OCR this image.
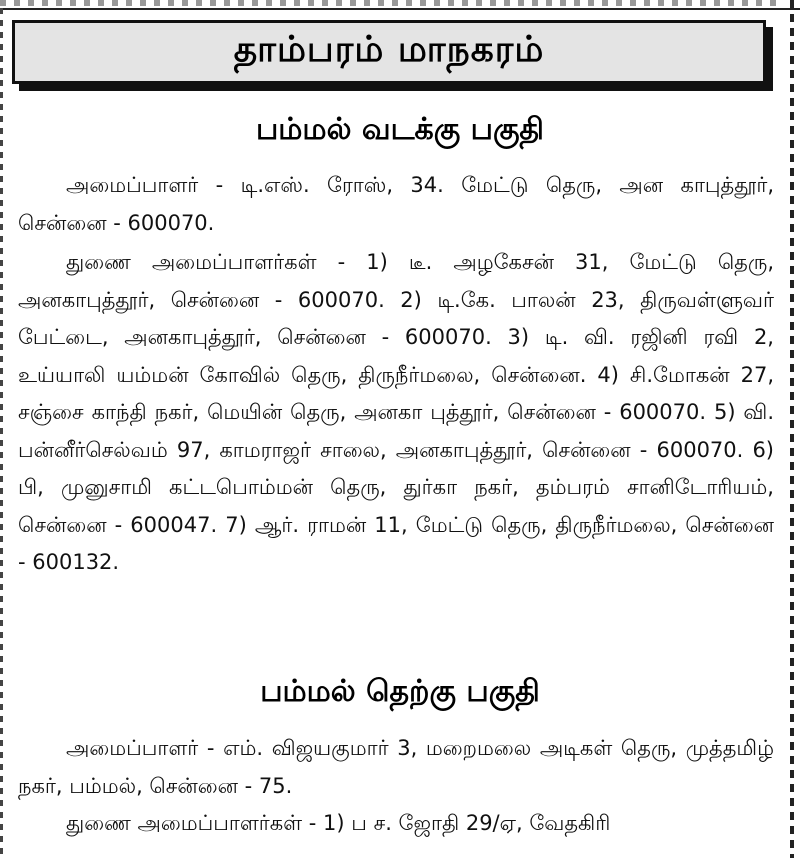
தாம்பரம் மாநகரம்
பம்மல் வடக்கு பகுதி

அமைப்பாளர் - டி.எஸ். ரோஸ், 34. மேட்டு தெரு, அன காபுத்தூர், சென்னை - 600070.

துணை அமைப்பாளர்கள் - 1) டீ. அழகேசன் 31, மேட்டு தெரு, அனகாபுத்தூர், சென்னை - 600070. 2) டி.கே. பாலன் 23, திருவள்ளுவர் பேட்டை, அனகாபுத்தூர், சென்னை - 600070. 3) டி. வி. ரஜினி ரவி 2, உய்யாலி யம்மன் கோவில் தெரு, திருநீர்மலை, சென்னை. 4) சி.மோகன் 27, சஞ்சை காந்தி நகர், மெயின் தெரு, அனகா புத்தூர், சென்னை - 600070. 5) வி. பன்னீர்செல்வம் 97, காமராஜர் சாலை, அனகாபுத்தூர், சென்னை - 600070. 6) பி, முனுசாமி கட்டபொம்மன் தெரு, துர்கா நகர், தம்பரம் சானிடோரியம், சென்னை - 600047. 7) ஆர். ராமன் 11, மேட்டு தெரு, திருநீர்மலை, சென்னை - 600132.

பம்மல் தெற்கு பகுதி

அமைப்பாளர் - எம். விஜயகுமார் 3, மறைமலை அடிகள் தெரு, முத்தமிழ் நகர், பம்மல், சென்னை - 75.

துணை அமைப்பாளர்கள் - 1) ப ச. ஜோதி 29/ஏ, வேதகிரி
